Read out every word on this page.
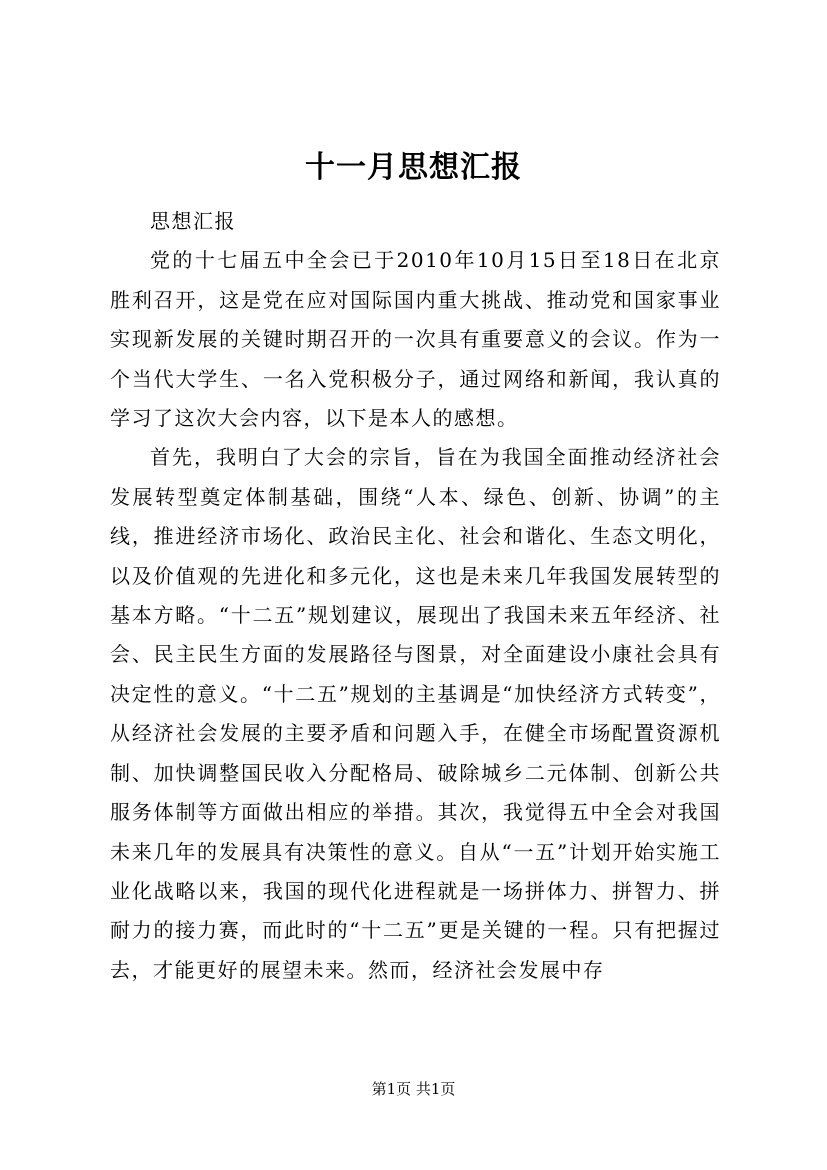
十一月思想汇报

思想汇报

党的十七届五中全会已于2010年10月15日至18日在北京胜利召开，这是党在应对国际国内重大挑战、推动党和国家事业实现新发展的关键时期召开的一次具有重要意义的会议。作为一个当代大学生、一名入党积极分子，通过网络和新闻，我认真的学习了这次大会内容，以下是本人的感想。

首先，我明白了大会的宗旨，旨在为我国全面推动经济社会发展转型奠定体制基础，围绕“人本、绿色、创新、协调”的主线，推进经济市场化、政治民主化、社会和谐化、生态文明化，以及价值观的先进化和多元化，这也是未来几年我国发展转型的基本方略。“十二五”规划建议，展现出了我国未来五年经济、社会、民主民生方面的发展路径与图景，对全面建设小康社会具有决定性的意义。“十二五”规划的主基调是“加快经济方式转变”，从经济社会发展的主要矛盾和问题入手，在健全市场配置资源机制、加快调整国民收入分配格局、破除城乡二元体制、创新公共服务体制等方面做出相应的举措。其次，我觉得五中全会对我国未来几年的发展具有决策性的意义。自从“一五”计划开始实施工业化战略以来，我国的现代化进程就是一场拼体力、拼智力、拼耐力的接力赛，而此时的“十二五”更是关键的一程。只有把握过去，才能更好的展望未来。然而，经济社会发展中存

第1页 共1页
